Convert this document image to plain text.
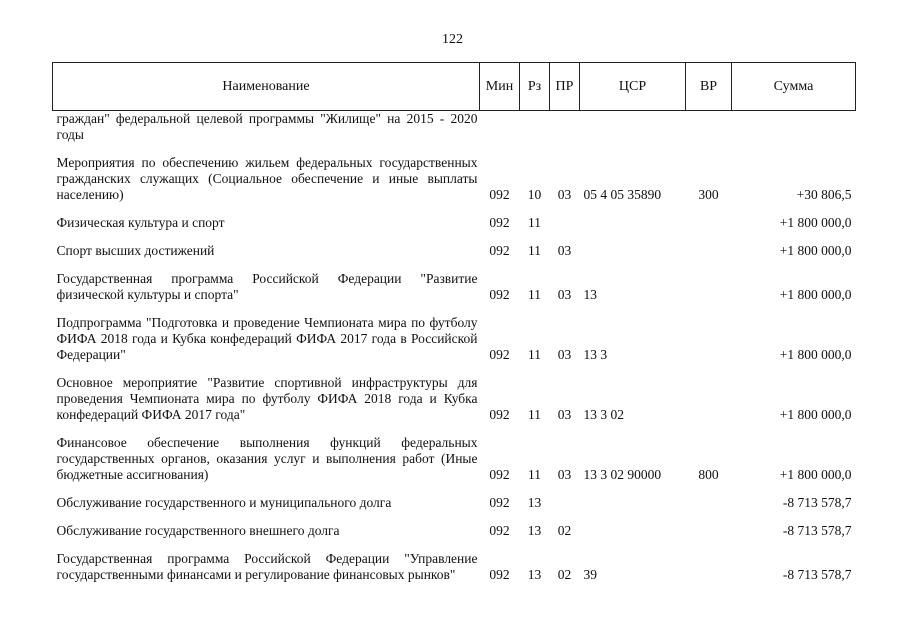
122
Наименование	Мин	Рз	ПР	ЦСР	ВР	Сумма
граждан" федеральной целевой программы "Жилище" на 2015 - 2020 годы						
Мероприятия по обеспечению жильем федеральных государственных гражданских служащих (Социальное обеспечение и иные выплаты населению)	092	10	03	05 4 05 35890	300	+30 806,5
Физическая культура и спорт	092	11				+1 800 000,0
Спорт высших достижений	092	11	03			+1 800 000,0
Государственная программа Российской Федерации "Развитие физической культуры и спорта"	092	11	03	13		+1 800 000,0
Подпрограмма "Подготовка и проведение Чемпионата мира по футболу ФИФА 2018 года и Кубка конфедераций ФИФА 2017 года в Российской Федерации"	092	11	03	13 3		+1 800 000,0
Основное мероприятие "Развитие спортивной инфраструктуры для проведения Чемпионата мира по футболу ФИФА 2018 года и Кубка конфедераций ФИФА 2017 года"	092	11	03	13 3 02		+1 800 000,0
Финансовое обеспечение выполнения функций федеральных государственных органов, оказания услуг и выполнения работ (Иные бюджетные ассигнования)	092	11	03	13 3 02 90000	800	+1 800 000,0
Обслуживание государственного и муниципального долга	092	13				-8 713 578,7
Обслуживание государственного внешнего долга	092	13	02			-8 713 578,7
Государственная программа Российской Федерации "Управление государственными финансами и регулирование финансовых рынков"	092	13	02	39		-8 713 578,7
